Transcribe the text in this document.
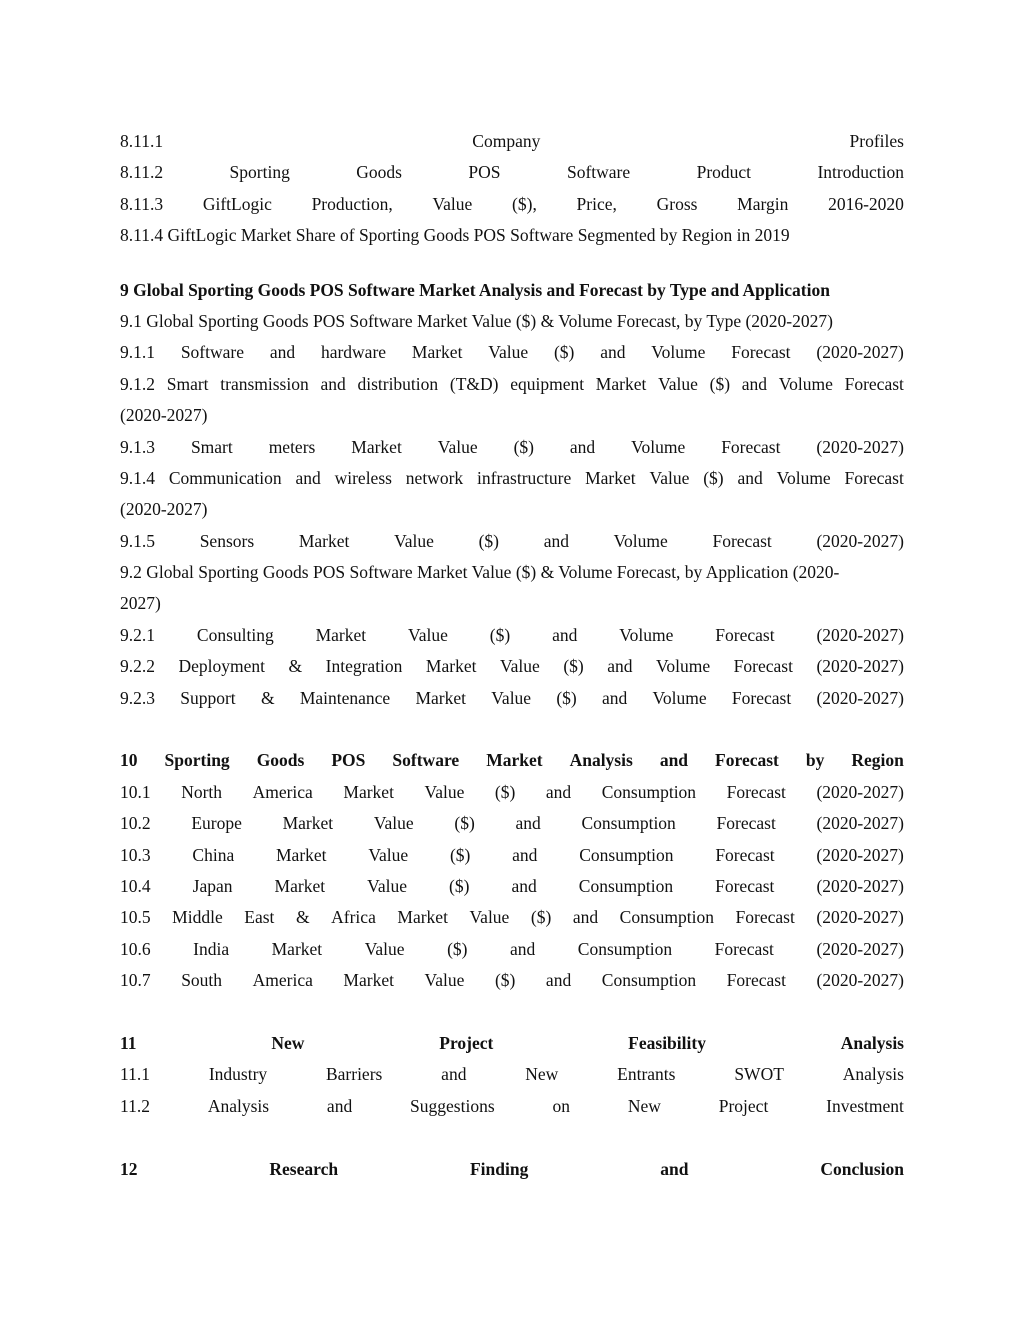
8.11.1	Company	Profiles
8.11.2	Sporting	Goods	POS	Software	Product	Introduction
8.11.3 GiftLogic Production, Value ($), Price, Gross Margin 2016-2020
8.11.4 GiftLogic Market Share of Sporting Goods POS Software Segmented by Region in 2019
9 Global Sporting Goods POS Software Market Analysis and Forecast by Type and Application
9.1 Global Sporting Goods POS Software Market Value ($) & Volume Forecast, by Type (2020-2027)
9.1.1 Software and hardware Market Value ($) and Volume Forecast (2020-2027)
9.1.2 Smart transmission and distribution (T&D) equipment Market Value ($) and Volume Forecast
(2020-2027)
9.1.3 Smart meters Market Value ($) and Volume Forecast (2020-2027)
9.1.4 Communication and wireless network infrastructure Market Value ($) and Volume Forecast
(2020-2027)
9.1.5	Sensors	Market	Value	($)	and	Volume	Forecast	(2020-2027)
9.2 Global Sporting Goods POS Software Market Value ($) & Volume Forecast, by Application (2020-
2027)
9.2.1 Consulting Market Value ($) and Volume Forecast (2020-2027)
9.2.2 Deployment & Integration Market Value ($) and Volume Forecast (2020-2027)
9.2.3 Support & Maintenance Market Value ($) and Volume Forecast (2020-2027)
10 Sporting Goods POS Software Market Analysis and Forecast by Region
10.1 North America Market Value ($) and Consumption Forecast (2020-2027)
10.2 Europe Market Value ($) and Consumption Forecast (2020-2027)
10.3 China Market Value ($) and Consumption Forecast (2020-2027)
10.4 Japan Market Value ($) and Consumption Forecast (2020-2027)
10.5 Middle East & Africa Market Value ($) and Consumption Forecast (2020-2027)
10.6 India Market Value ($) and Consumption Forecast (2020-2027)
10.7 South America Market Value ($) and Consumption Forecast (2020-2027)
11	New	Project	Feasibility	Analysis
11.1	Industry	Barriers	and	New	Entrants	SWOT	Analysis
11.2	Analysis	and	Suggestions	on	New	Project	Investment
12	Research	Finding	and	Conclusion
